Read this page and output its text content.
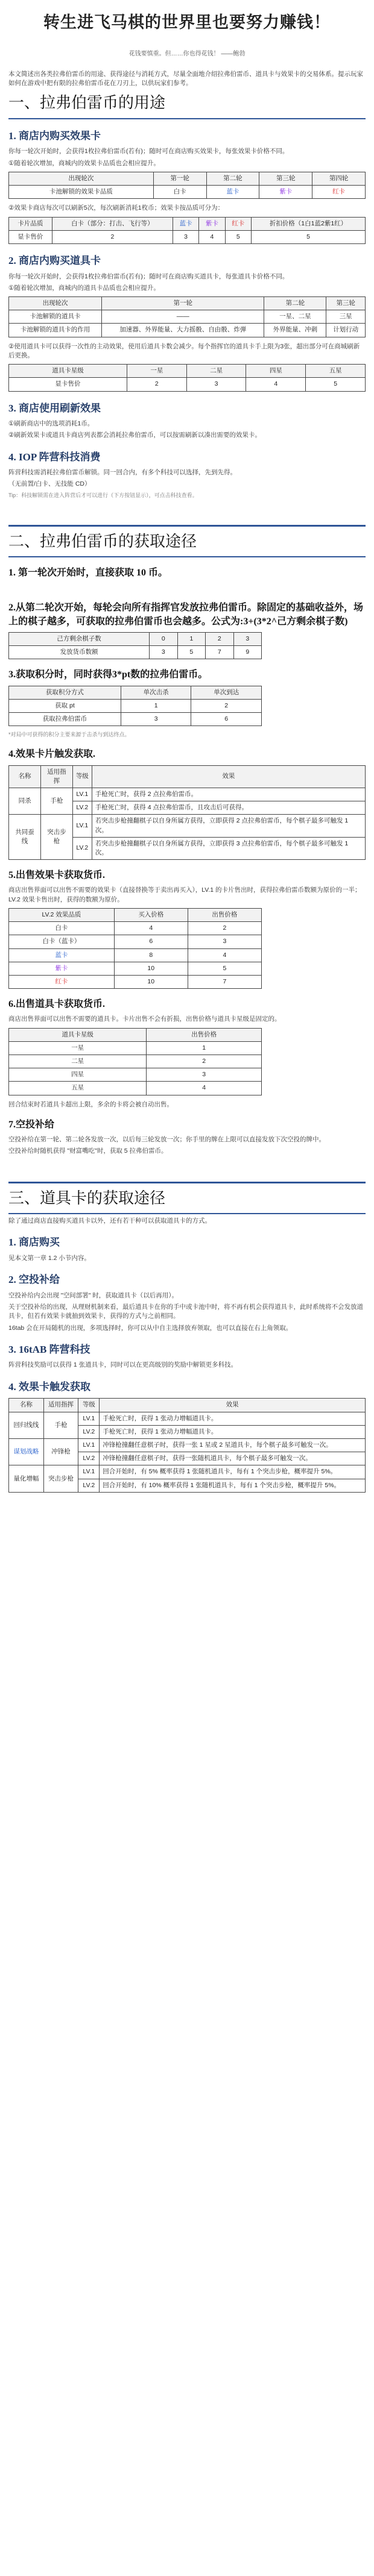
转生进飞马棋的世界里也要努力赚钱！
花钱要慎重。但……你也得花钱！ ——鲍勃

本文简述出各类拉弗伯雷币的用途、获得途径与消耗方式，尽量全面地介绍拉弗伯雷币、道具卡与效果卡的交易体系。提示玩家如何在游戏中把有限的拉弗伯雷币花在刀刃上，以供玩家们参考。

一、拉弗伯雷币的用途
1. 商店内购买效果卡

你每一轮次开始时，会获得1枚拉弗伯雷币(若有)；随时可在商店购买效果卡，每张效果卡价格不同。

①随着轮次增加，商城内的效果卡品质也会相应提升。

出现轮次	第一轮	第二轮	第三轮	第四轮
卡池解锁的效果卡品质	白卡	蓝卡	紫卡	红卡

②效果卡商店每次可以刷新5次，每次刷新消耗1枚币；效果卡按品质可分为：

卡片品质	白卡（部分：打击、飞行等）	蓝卡	紫卡	红卡	折扣价格（1白1蓝2紫1红）
显卡售价	2	3	4	5	5
2. 商店内购买道具卡

你每一轮次开始时，会获得1枚拉弗伯雷币(若有)；随时可在商店购买道具卡，每张道具卡价格不同。

①随着轮次增加，商城内的道具卡品质也会相应提升。

出现轮次	第一轮	第二轮	第三轮
卡池解锁的道具卡	——	一星、二星	三星
卡池解锁的道具卡的作用	加速器、外界能量、大力摇骰、自由骰、炸弹	外界能量、冲刺	计划行动

②使用道具卡可以获得一次性的主动效果，使用后道具卡数会减少。每个指挥官的道具卡手上限为3张，超出部分可在商城刷新后更换。

道具卡星级	一星	二星	四星	五星
显卡售价	2	3	4	5
3. 商店使用刷新效果

①刷新商店中的选项消耗1币。

②刷新效果卡或道具卡商店列表都会消耗拉弗伯雷币，可以按需刷新以凑出需要的效果卡。

4. IOP 阵营科技消费

阵营科技需消耗拉弗伯雷币解锁。同一回合内，有多个科技可以选择，先到先得。

（无前置/白卡、无技能 CD）

Tip：科技解锁需在进入阵营后才可以进行（下方按钮显示），可点击科技查看。

二、拉弗伯雷币的获取途径
1. 第一轮次开始时，直接获取 10 币。
2.从第二轮次开始，每轮会向所有指挥官发放拉弗伯雷币。除固定的基础收益外，场上的棋子越多，可获取的拉弗伯雷币也会越多。公式为:3+(3*2^己方剩余棋子数)
己方剩余棋子数	0	1	2	3
发放货币数额	3	5	7	9
3.获取积分时，同时获得3*pt数的拉弗伯雷币。
获取积分方式	单次击杀	单次到达
获取 pt	1	2
获取拉弗伯雷币	3	6

*对局中可获得的积分主要来源于击杀与到达终点。

4.效果卡片触发获取.
名称	适用指挥	等级	效果
同杀	手枪	LV.1	手枪死亡时，获得 2 点拉弗伯雷币。
		LV.2	手枪死亡时，获得 4 点拉弗伯雷币，且攻击后可获得。
共同蚕线	突击步枪	LV.1	若突击步枪撞翻棋子以自身所属方获得，立即获得 2 点拉弗伯雷币，每个棋子最多可触发 1 次。
		LV.2	若突击步枪撞翻棋子以自身所属方获得，立即获得 3 点拉弗伯雷币，每个棋子最多可触发 1 次。
5.出售效果卡获取货币.

商店出售界面可以出售不需要的效果卡（直接替换等于卖出再买入），LV.1 的卡片售出时，获得拉弗伯雷币数额为原价的一半；LV.2 效果卡售出时，获得的数额为原价。

LV.2 效果品质	买入价格	出售价格
白卡	4	2
白卡（蓝卡）	6	3
蓝卡	8	4
紫卡	10	5
红卡	10	7
6.出售道具卡获取货币.

商店出售界面可以出售不需要的道具卡。卡片出售不会有折损，出售价格与道具卡星级是固定的。

道具卡星级	出售价格
一星	1
二星	2
四星	3
五星	4

回合结束时若道具卡超出上限，多余的卡将会被自动出售。

7.空投补给

空投补给在第一轮、第二轮各发放一次，以后每三轮发放一次；你手里的牌在上限可以直接发放下次空投的牌中。

空投补给时随机获得 "财富嘴吃"时，获取 5 拉弗伯雷币。

三、道具卡的获取途径

除了通过商店直接购买道具卡以外，还有若干种可以获取道具卡的方式。

1. 商店购买

见本文第一章 1.2 小节内容。

2. 空投补给

空投补给内会出现 "空间部署" 时，获取道具卡（以后再用）。

关于空投补给的出现，从理财机制来看，最后道具卡在你的手中或卡池中时，将不再有机会获得道具卡，此时系统将不会发放道具卡，但若有效果卡就抽到效果卡，获得的方式与之前相同。

16tab 会在开局随机的出现，多项选择时，你可以从中自主选择放弃领取，也可以直接在右上角领取。

3. 16tAB 阵营科技

阵营科技奖励可以获得 1 张道具卡，同时可以在更高级别的奖励中解锁更多科技。

4. 效果卡触发获取
名称	适用指挥	等级	效果
回归线线	手枪	LV.1	手枪死亡时，获得 1 张动力增幅道具卡。
		LV.2	手枪死亡时，获得 1 张动力增幅道具卡。
谋划战略	冲锋枪	LV.1	冲锋枪撞翻任意棋子时，获得一张 1 星或 2 星道具卡，每个棋子最多可触发一次。
		LV.2	冲锋枪撞翻任意棋子时，获得一张随机道具卡，每个棋子最多可触发一次。
量化增幅	突击步枪	LV.1	回合开始时，有 5% 概率获得 1 张随机道具卡，每有 1 个突击步枪，概率提升 5%。
		LV.2	回合开始时，有 10% 概率获得 1 张随机道具卡，每有 1 个突击步枪，概率提升 5%。
